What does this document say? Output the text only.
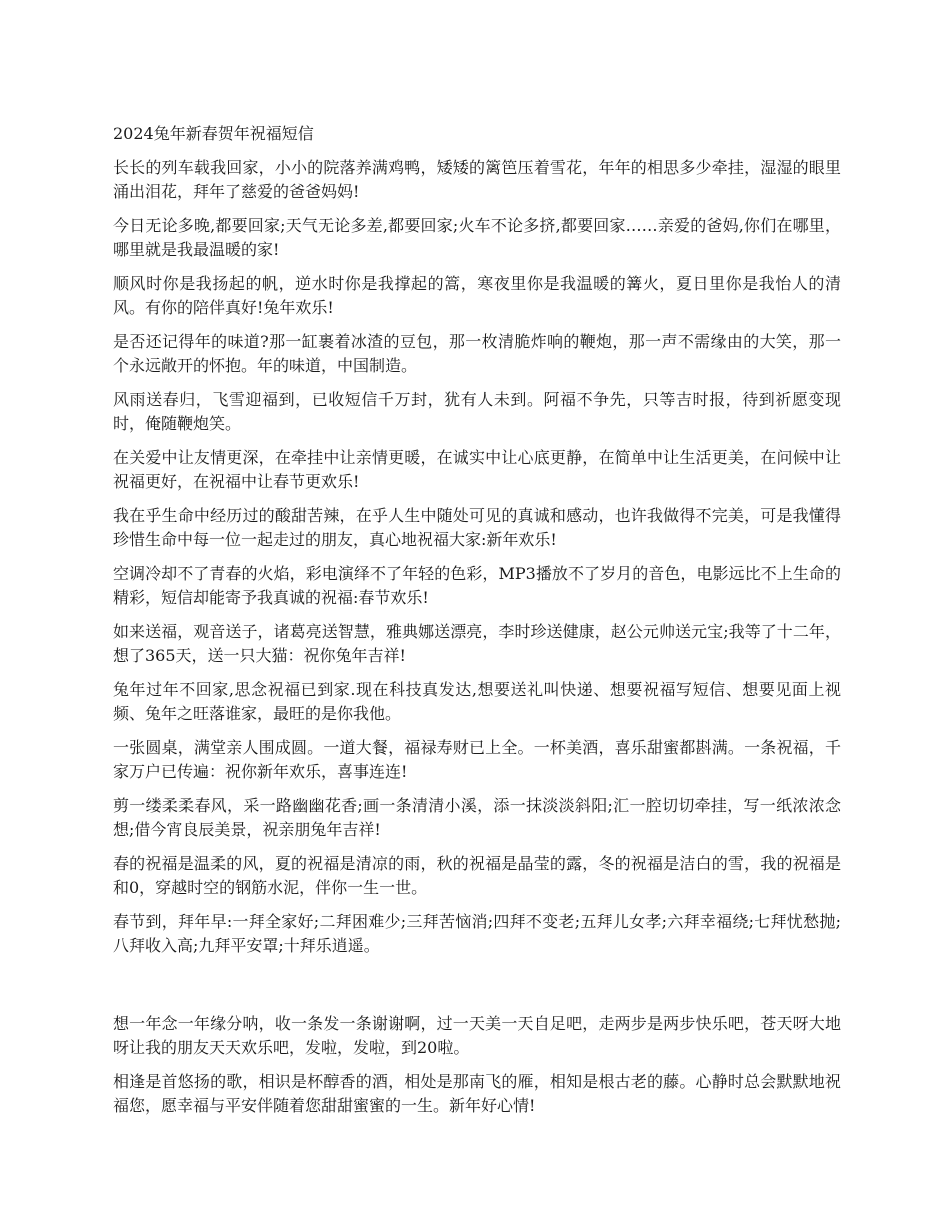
2024兔年新春贺年祝福短信

长长的列车载我回家，小小的院落养满鸡鸭，矮矮的篱笆压着雪花，年年的相思多少牵挂，湿湿的眼里涌出泪花，拜年了慈爱的爸爸妈妈!

今日无论多晚,都要回家;天气无论多差,都要回家;火车不论多挤,都要回家……亲爱的爸妈,你们在哪里，哪里就是我最温暖的家!

顺风时你是我扬起的帆，逆水时你是我撑起的篙，寒夜里你是我温暖的篝火，夏日里你是我怡人的清风。有你的陪伴真好!兔年欢乐!

是否还记得年的味道?那一缸裹着冰渣的豆包，那一枚清脆炸响的鞭炮，那一声不需缘由的大笑，那一个永远敞开的怀抱。年的味道，中国制造。

风雨送春归，飞雪迎福到，已收短信千万封，犹有人未到。阿福不争先，只等吉时报，待到祈愿变现时，俺随鞭炮笑。

在关爱中让友情更深，在牵挂中让亲情更暖，在诚实中让心底更静，在简单中让生活更美，在问候中让祝福更好，在祝福中让春节更欢乐!

我在乎生命中经历过的酸甜苦辣，在乎人生中随处可见的真诚和感动，也许我做得不完美，可是我懂得珍惜生命中每一位一起走过的朋友，真心地祝福大家:新年欢乐!

空调冷却不了青春的火焰，彩电演绎不了年轻的色彩，MP3播放不了岁月的音色，电影远比不上生命的精彩，短信却能寄予我真诚的祝福:春节欢乐!

如来送福，观音送子，诸葛亮送智慧，雅典娜送漂亮，李时珍送健康，赵公元帅送元宝;我等了十二年，想了365天，送一只大猫：祝你兔年吉祥!

兔年过年不回家,思念祝福已到家.现在科技真发达,想要送礼叫快递、想要祝福写短信、想要见面上视频、兔年之旺落谁家，最旺的是你我他。

一张圆桌，满堂亲人围成圆。一道大餐，福禄寿财已上全。一杯美酒，喜乐甜蜜都斟满。一条祝福，千家万户已传遍：祝你新年欢乐，喜事连连!

剪一缕柔柔春风，采一路幽幽花香;画一条清清小溪，添一抹淡淡斜阳;汇一腔切切牵挂，写一纸浓浓念想;借今宵良辰美景，祝亲朋兔年吉祥!

春的祝福是温柔的风，夏的祝福是清凉的雨，秋的祝福是晶莹的露，冬的祝福是洁白的雪，我的祝福是和0，穿越时空的钢筋水泥，伴你一生一世。

春节到，拜年早:一拜全家好;二拜困难少;三拜苦恼消;四拜不变老;五拜儿女孝;六拜幸福绕;七拜忧愁抛;八拜收入高;九拜平安罩;十拜乐逍遥。

想一年念一年缘分呐，收一条发一条谢谢啊，过一天美一天自足吧，走两步是两步快乐吧，苍天呀大地呀让我的朋友天天欢乐吧，发啦，发啦，到20啦。

相逢是首悠扬的歌，相识是杯醇香的酒，相处是那南飞的雁，相知是根古老的藤。心静时总会默默地祝福您，愿幸福与平安伴随着您甜甜蜜蜜的一生。新年好心情!
